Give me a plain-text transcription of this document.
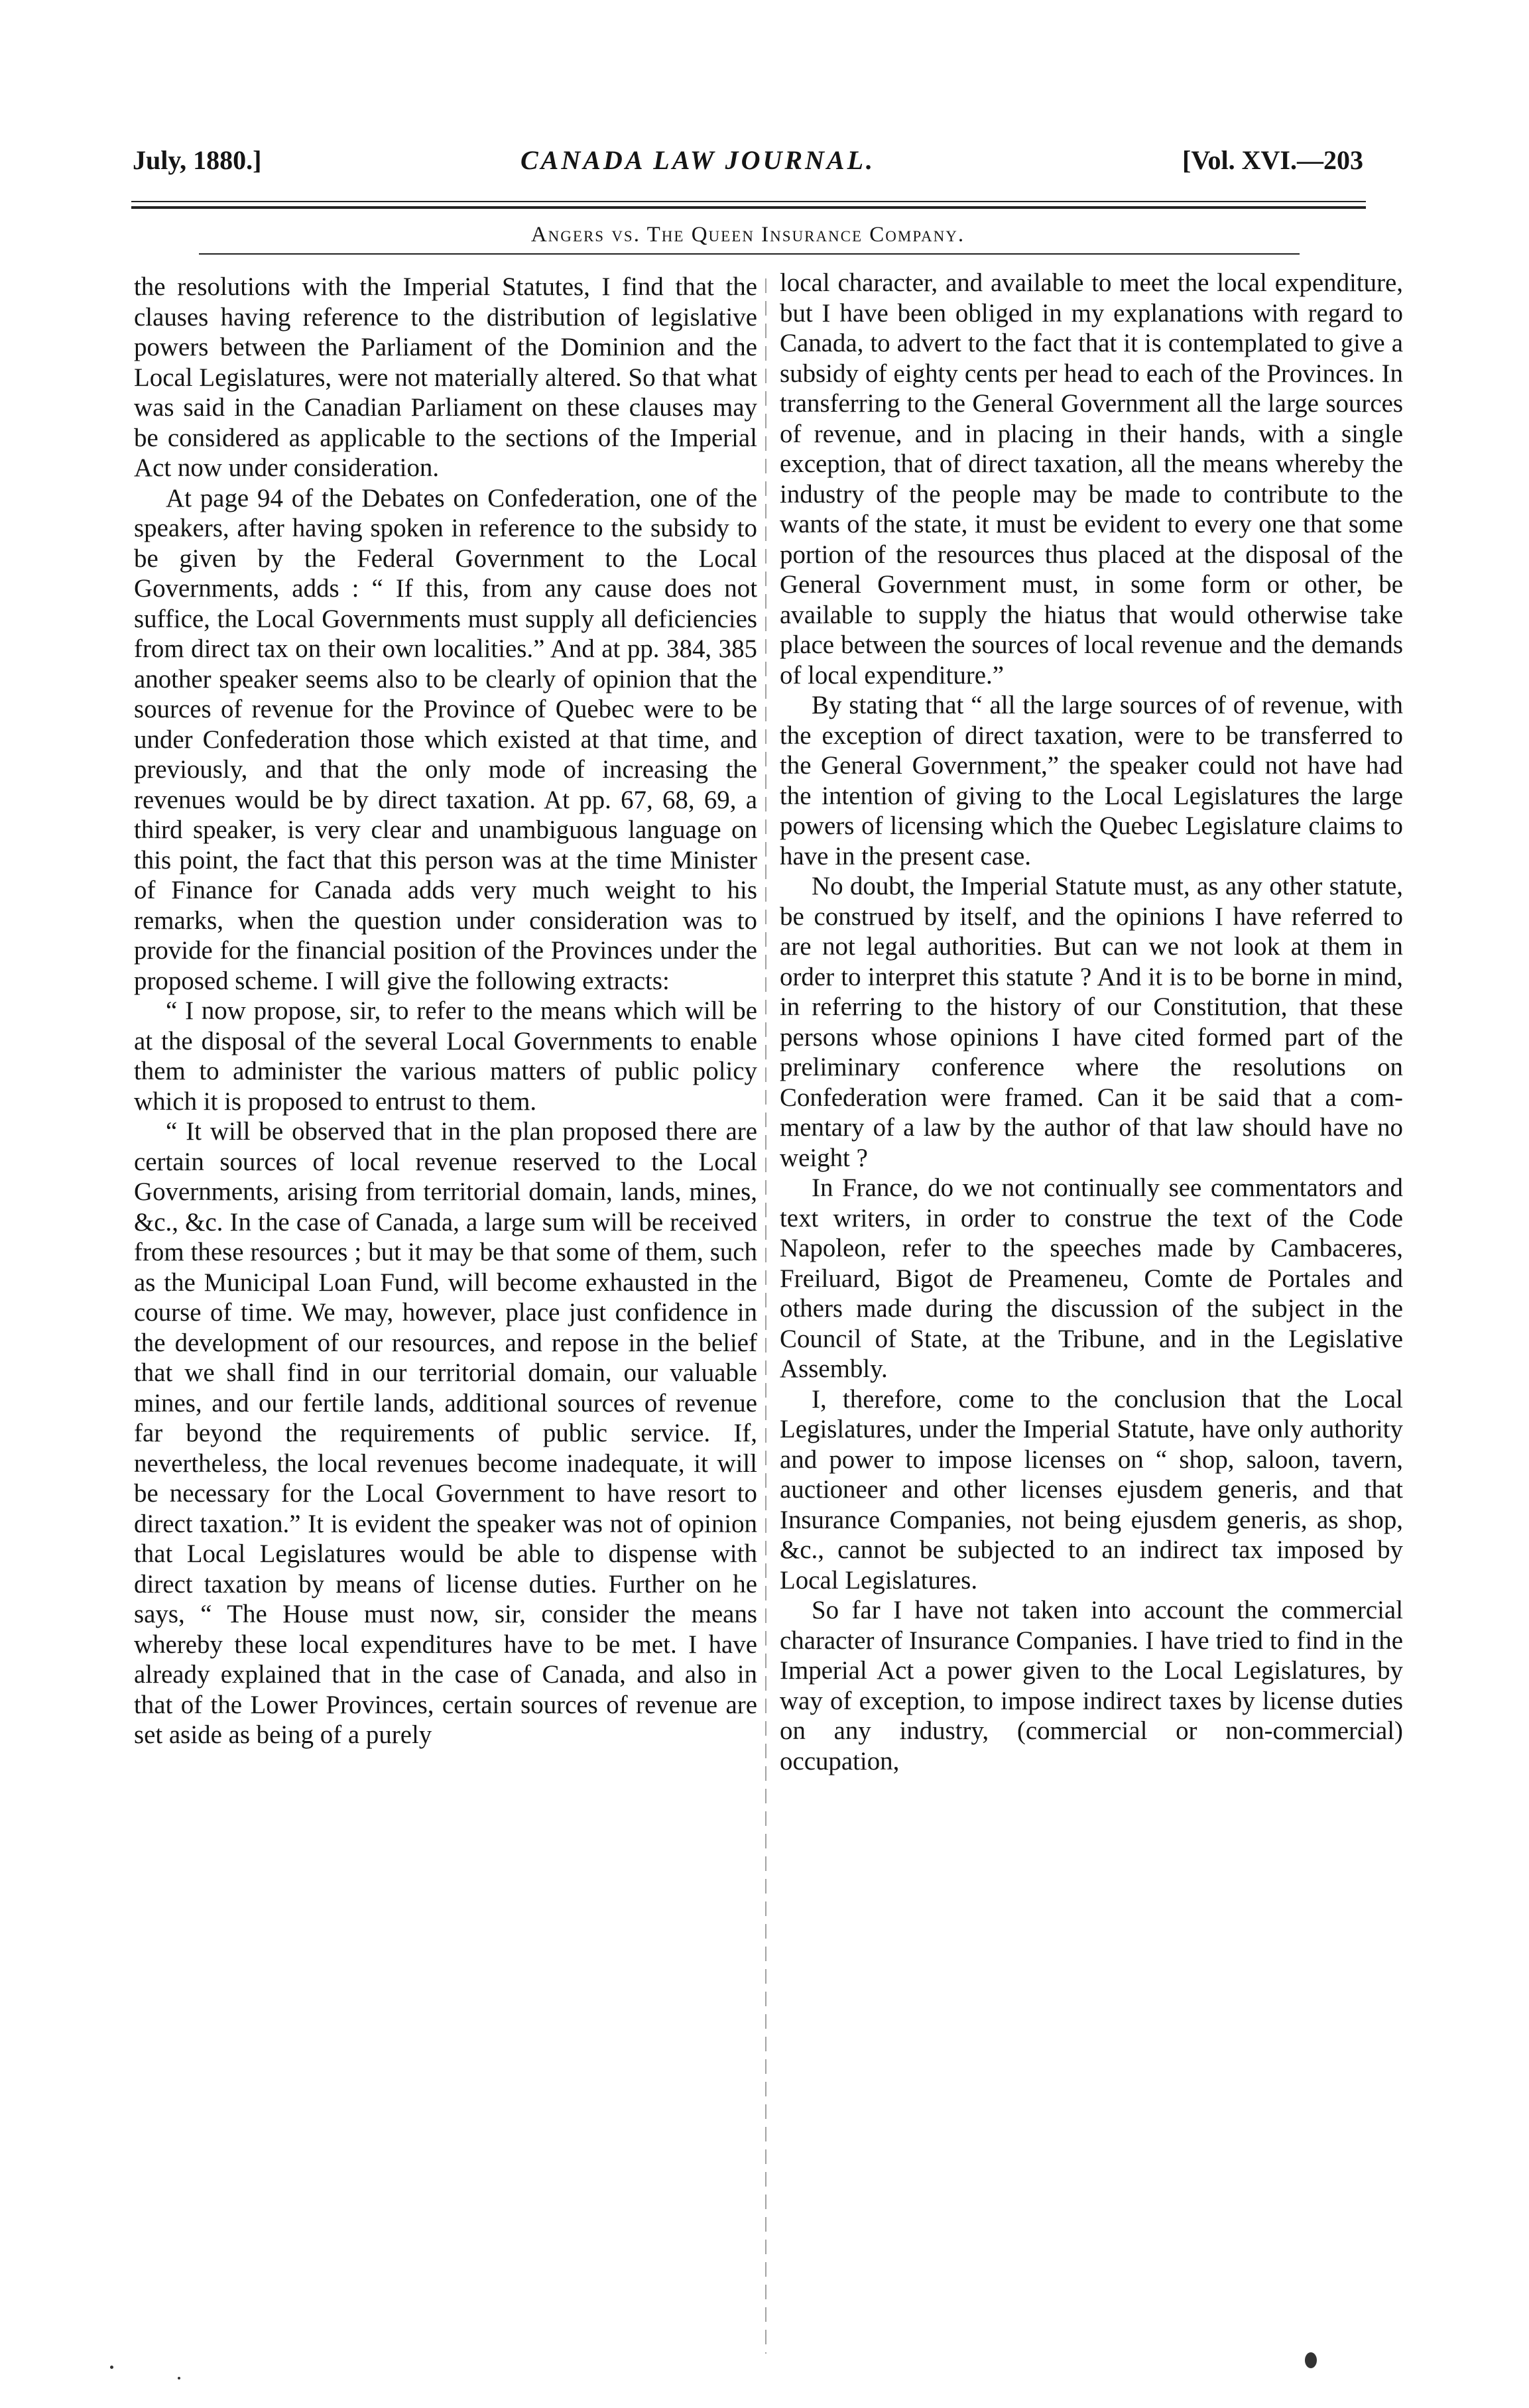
July, 1880.]	CANADA LAW JOURNAL.	[Vol. XVI.—203
Angers vs. The Queen Insurance Company.

the resolutions with the Imperial Statutes, I find that the clauses having reference to the distribution of legislative powers between the Parliament of the Dominion and the Local Legislatures, were not materially altered. So that what was said in the Canadian Parliament on these clauses may be considered as applicable to the sections of the Imperial Act now under consideration.

At page 94 of the Debates on Confederation, one of the speakers, after having spoken in reference to the subsidy to be given by the Federal Government to the Local Governments, adds : “ If this, from any cause does not suffice, the Local Governments must supply all deficiencies from direct tax on their own localities.” And at pp. 384, 385 another speaker seems also to be clearly of opinion that the sources of revenue for the Province of Quebec were to be under Confederation those which existed at that time, and previously, and that the only mode of increasing the revenues would be by direct taxation. At pp. 67, 68, 69, a third speaker, is very clear and unambiguous language on this point, the fact that this person was at the time Minister of Finance for Canada adds very much weight to his remarks, when the question under consideration was to provide for the financial position of the Provinces under the proposed scheme. I will give the following extracts:

“ I now propose, sir, to refer to the means which will be at the disposal of the several Local Governments to enable them to administer the various matters of public policy which it is proposed to entrust to them.

“ It will be observed that in the plan proposed there are certain sources of local revenue reserved to the Local Governments, arising from territorial domain, lands, mines, &c., &c. In the case of Canada, a large sum will be received from these resources ; but it may be that some of them, such as the Municipal Loan Fund, will become exhausted in the course of time. We may, however, place just confidence in the development of our resources, and repose in the belief that we shall find in our territorial domain, our valuable mines, and our fertile lands, additional sources of revenue far beyond the requirements of public service. If, nevertheless, the local revenues become inadequate, it will be necessary for the Local Government to have resort to direct taxation.” It is evident the speaker was not of opinion that Local Legislatures would be able to dispense with direct taxation by means of license duties. Further on he says, “ The House must now, sir, consider the means whereby these local expenditures have to be met. I have already explained that in the case of Canada, and also in that of the Lower Provinces, certain sources of revenue are set aside as being of a purely

local character, and available to meet the local expenditure, but I have been obliged in my explanations with regard to Canada, to advert to the fact that it is contemplated to give a subsidy of eighty cents per head to each of the Provinces. In transferring to the General Government all the large sources of revenue, and in placing in their hands, with a single exception, that of direct taxation, all the means whereby the industry of the people may be made to contribute to the wants of the state, it must be evident to every one that some portion of the resources thus placed at the disposal of the General Government must, in some form or other, be available to supply the hiatus that would otherwise take place between the sources of local revenue and the demands of local expenditure.”

By stating that “ all the large sources of of revenue, with the exception of direct taxation, were to be transferred to the General Government,” the speaker could not have had the intention of giving to the Local Legislatures the large powers of licensing which the Quebec Legislature claims to have in the present case.

No doubt, the Imperial Statute must, as any other statute, be construed by itself, and the opinions I have referred to are not legal authorities. But can we not look at them in order to interpret this statute ? And it is to be borne in mind, in referring to the history of our Constitution, that these persons whose opinions I have cited formed part of the preliminary conference where the resolutions on Confederation were framed. Can it be said that a commentary of a law by the author of that law should have no weight ?

In France, do we not continually see commentators and text writers, in order to construe the text of the Code Napoleon, refer to the speeches made by Cambaceres, Freiluard, Bigot de Preameneu, Comte de Portales and others made during the discussion of the subject in the Council of State, at the Tribune, and in the Legislative Assembly.

I, therefore, come to the conclusion that the Local Legislatures, under the Imperial Statute, have only authority and power to impose licenses on “ shop, saloon, tavern, auctioneer and other licenses ejusdem generis, and that Insurance Companies, not being ejusdem generis, as shop, &c., cannot be subjected to an indirect tax imposed by Local Legislatures.

So far I have not taken into account the commercial character of Insurance Companies. I have tried to find in the Imperial Act a power given to the Local Legislatures, by way of exception, to impose indirect taxes by license duties on any industry, (commercial or non-commercial) occupation,
